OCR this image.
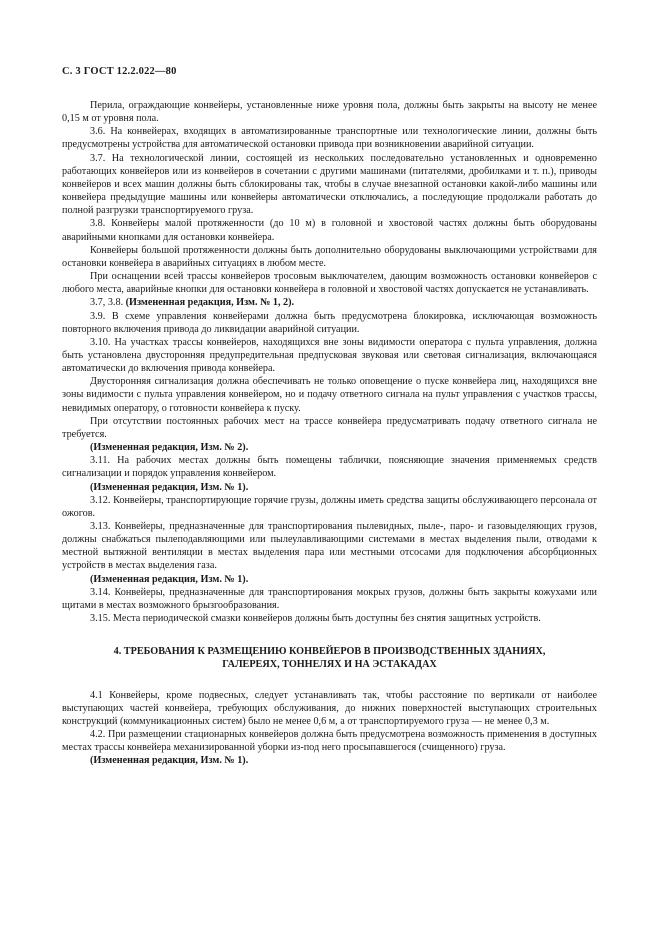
С. 3 ГОСТ 12.2.022—80

Перила, ограждающие конвейеры, установленные ниже уровня пола, должны быть закрыты на высоту не менее 0,15 м от уровня пола.

3.6. На конвейерах, входящих в автоматизированные транспортные или технологические линии, должны быть предусмотрены устройства для автоматической остановки привода при возникновении аварийной ситуации.

3.7. На технологической линии, состоящей из нескольких последовательно установленных и одновременно работающих конвейеров или из конвейеров в сочетании с другими машинами (питателями, дробилками и т. п.), приводы конвейеров и всех машин должны быть сблокированы так, чтобы в случае внезапной остановки какой-либо машины или конвейера предыдущие машины или конвейеры автоматически отключались, а последующие продолжали работать до полной разгрузки транспортируемого груза.

3.8. Конвейеры малой протяженности (до 10 м) в головной и хвостовой частях должны быть оборудованы аварийными кнопками для остановки конвейера.

Конвейеры большой протяженности должны быть дополнительно оборудованы выключающими устройствами для остановки конвейера в аварийных ситуациях в любом месте.

При оснащении всей трассы конвейеров тросовым выключателем, дающим возможность остановки конвейеров с любого места, аварийные кнопки для остановки конвейера в головной и хвостовой частях допускается не устанавливать.

3.7, 3.8. (Измененная редакция, Изм. № 1, 2).

3.9. В схеме управления конвейерами должна быть предусмотрена блокировка, исключающая возможность повторного включения привода до ликвидации аварийной ситуации.

3.10. На участках трассы конвейеров, находящихся вне зоны видимости оператора с пульта управления, должна быть установлена двусторонняя предупредительная предпусковая звуковая или световая сигнализация, включающаяся автоматически до включения привода конвейера.

Двусторонняя сигнализация должна обеспечивать не только оповещение о пуске конвейера лиц, находящихся вне зоны видимости с пульта управления конвейером, но и подачу ответного сигнала на пульт управления с участков трассы, невидимых оператору, о готовности конвейера к пуску.

При отсутствии постоянных рабочих мест на трассе конвейера предусматривать подачу ответного сигнала не требуется.

(Измененная редакция, Изм. № 2).

3.11. На рабочих местах должны быть помещены таблички, поясняющие значения применяемых средств сигнализации и порядок управления конвейером.

(Измененная редакция, Изм. № 1).

3.12. Конвейеры, транспортирующие горячие грузы, должны иметь средства защиты обслуживающего персонала от ожогов.

3.13. Конвейеры, предназначенные для транспортирования пылевидных, пыле-, паро- и газовыделяющих грузов, должны снабжаться пылеподавляющими или пылеулавливающими системами в местах выделения пыли, отводами к местной вытяжной вентиляции в местах выделения пара или местными отсосами для подключения абсорбционных устройств в местах выделения газа.

(Измененная редакция, Изм. № 1).

3.14. Конвейеры, предназначенные для транспортирования мокрых грузов, должны быть закрыты кожухами или щитами в местах возможного брызгообразования.

3.15. Места периодической смазки конвейеров должны быть доступны без снятия защитных устройств.

4. ТРЕБОВАНИЯ К РАЗМЕЩЕНИЮ КОНВЕЙЕРОВ В ПРОИЗВОДСТВЕННЫХ ЗДАНИЯХ,
ГАЛЕРЕЯХ, ТОННЕЛЯХ И НА ЭСТАКАДАХ

4.1 Конвейеры, кроме подвесных, следует устанавливать так, чтобы расстояние по вертикали от наиболее выступающих частей конвейера, требующих обслуживания, до нижних поверхностей выступающих строительных конструкций (коммуникационных систем) было не менее 0,6 м, а от транспортируемого груза — не менее 0,3 м.

4.2. При размещении стационарных конвейеров должна быть предусмотрена возможность применения в доступных местах трассы конвейера механизированной уборки из-под него просыпавшегося (счищенного) груза.

(Измененная редакция, Изм. № 1).
